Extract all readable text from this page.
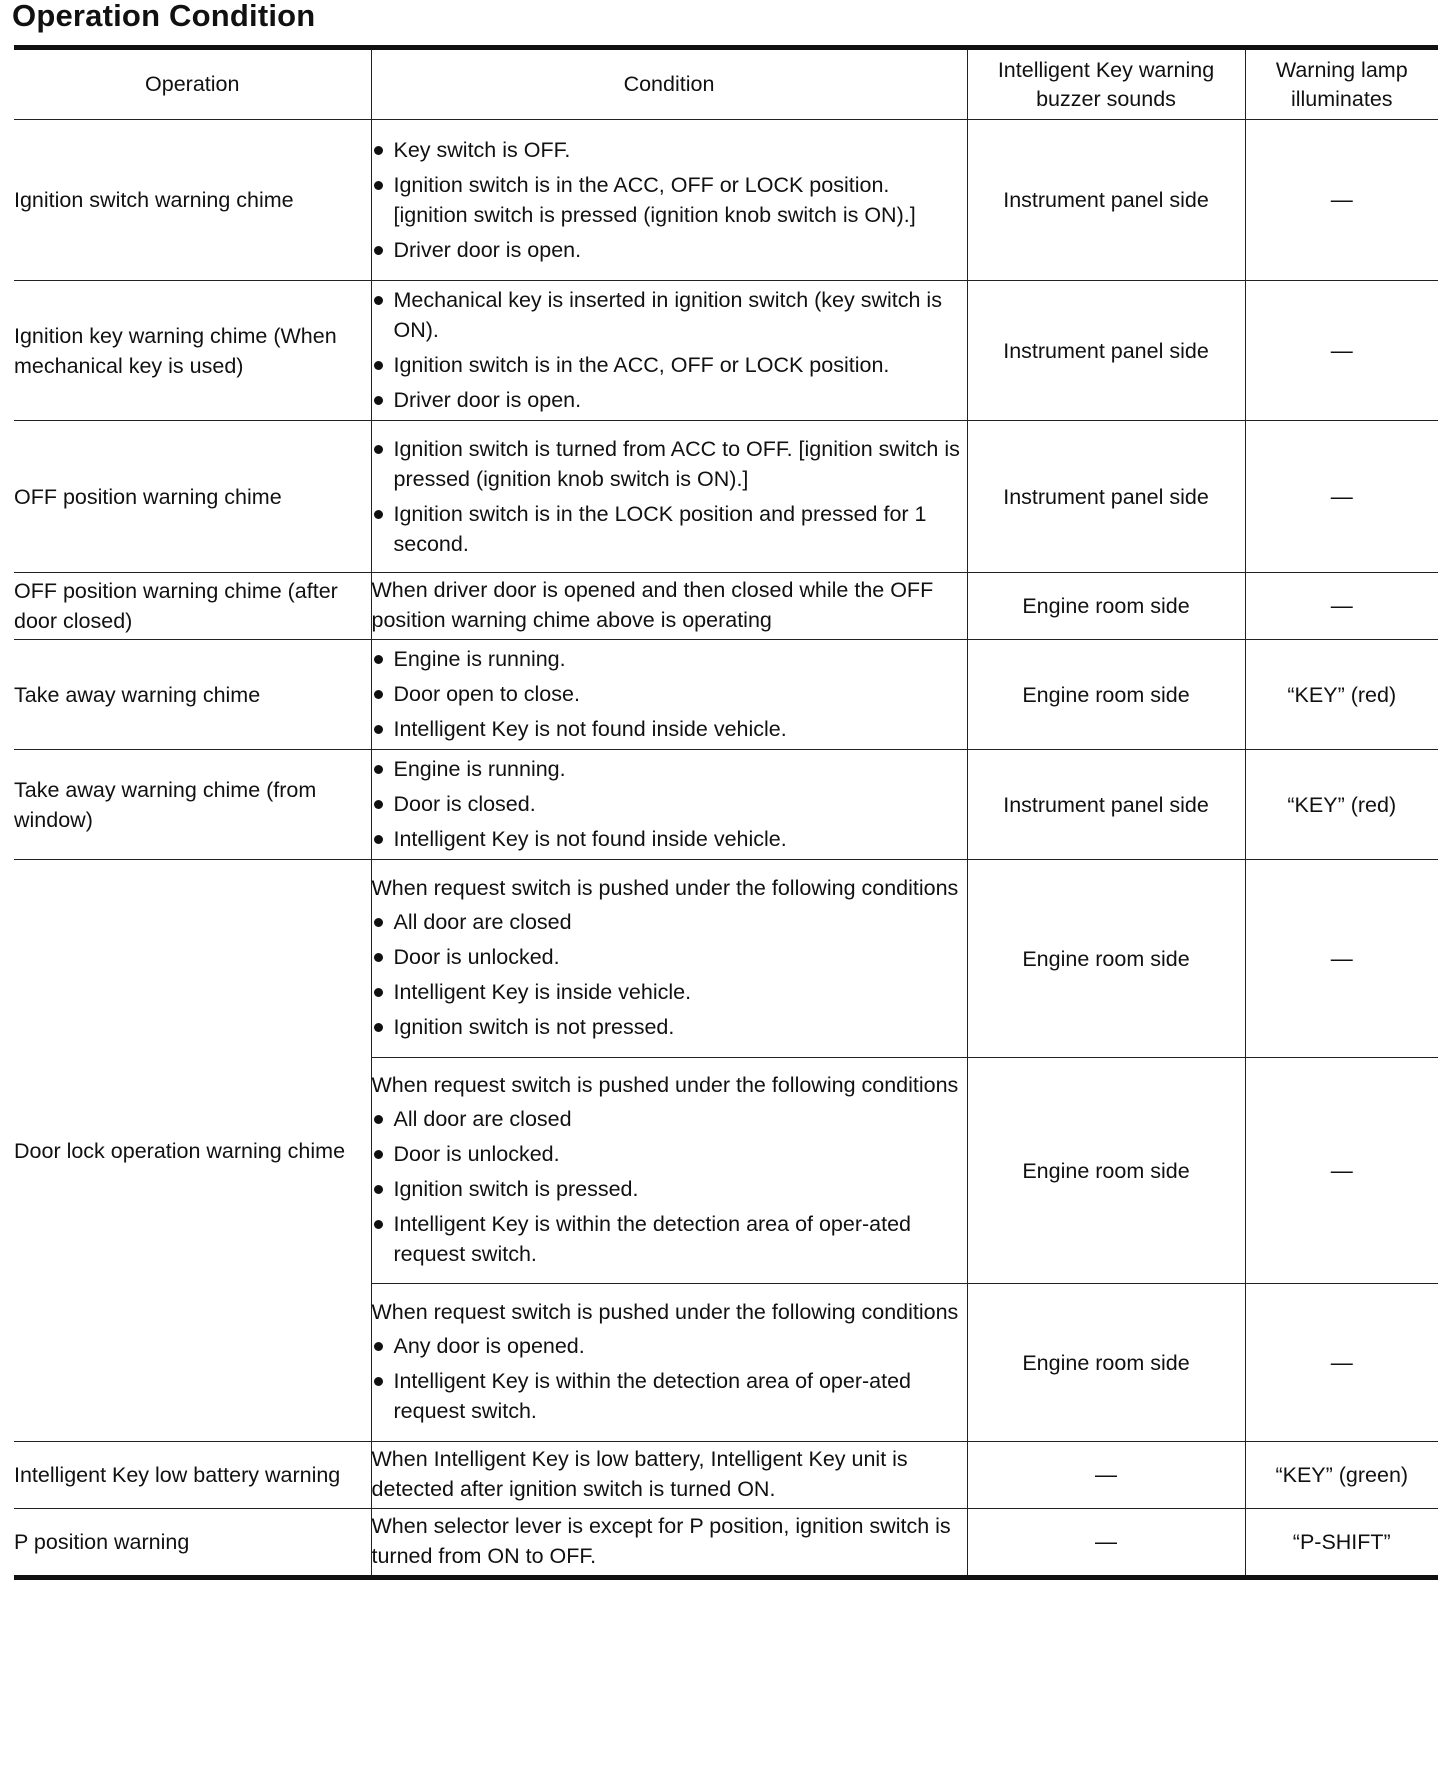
Operation Condition
Operation	Condition	Intelligent Key warning buzzer sounds	Warning lamp illuminates
Ignition switch warning chime	Key switch is OFF.
Ignition switch is in the ACC, OFF or LOCK position. [ignition switch is pressed (ignition knob switch is ON).]
Driver door is open.	Instrument panel side	—
Ignition key warning chime (When mechanical key is used)	Mechanical key is inserted in ignition switch (key switch is ON).
Ignition switch is in the ACC, OFF or LOCK position.
Driver door is open.	Instrument panel side	—
OFF position warning chime	Ignition switch is turned from ACC to OFF. [ignition switch is pressed (ignition knob switch is ON).]
Ignition switch is in the LOCK position and pressed for 1 second.	Instrument panel side	—
OFF position warning chime (after door closed)	When driver door is opened and then closed while the OFF position warning chime above is operating	Engine room side	—
Take away warning chime	Engine is running.
Door open to close.
Intelligent Key is not found inside vehicle.	Engine room side	“KEY” (red)
Take away warning chime (from window)	Engine is running.
Door is closed.
Intelligent Key is not found inside vehicle.	Instrument panel side	“KEY” (red)
Door lock operation warning chime	When request switch is pushed under the following conditions
All door are closed
Door is unlocked.
Intelligent Key is inside vehicle.
Ignition switch is not pressed.	Engine room side	—

	When request switch is pushed under the following conditions
All door are closed
Door is unlocked.
Ignition switch is pressed.
Intelligent Key is within the detection area of oper-ated request switch.	Engine room side	—

	When request switch is pushed under the following conditions
Any door is opened.
Intelligent Key is within the detection area of oper-ated request switch.	Engine room side	—
Intelligent Key low battery warning	When Intelligent Key is low battery, Intelligent Key unit is detected after ignition switch is turned ON.	—	“KEY” (green)
P position warning	When selector lever is except for P position, ignition switch is turned from ON to OFF.	—	“P-SHIFT”
